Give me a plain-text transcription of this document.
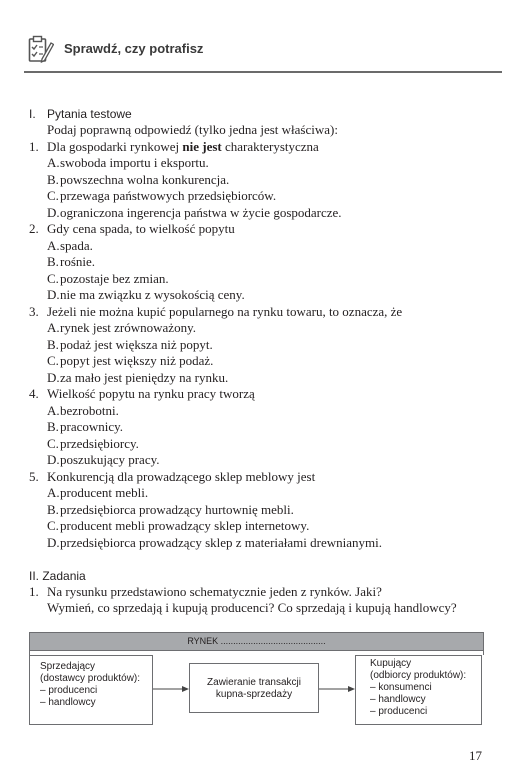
Sprawdź, czy potrafisz
I. Pytania testowe
Podaj poprawną odpowiedź (tylko jedna jest właściwa):
1. Dla gospodarki rynkowej nie jest charakterystyczna
A. swoboda importu i eksportu.
B. powszechna wolna konkurencja.
C. przewaga państwowych przedsiębiorców.
D. ograniczona ingerencja państwa w życie gospodarcze.
2. Gdy cena spada, to wielkość popytu
A. spada.
B. rośnie.
C. pozostaje bez zmian.
D. nie ma związku z wysokością ceny.
3. Jeżeli nie można kupić popularnego na rynku towaru, to oznacza, że
A. rynek jest zrównoważony.
B. podaż jest większa niż popyt.
C. popyt jest większy niż podaż.
D. za mało jest pieniędzy na rynku.
4. Wielkość popytu na rynku pracy tworzą
A. bezrobotni.
B. pracownicy.
C. przedsiębiorcy.
D. poszukujący pracy.
5. Konkurencją dla prowadzącego sklep meblowy jest
A. producent mebli.
B. przedsiębiorca prowadzący hurtownię mebli.
C. producent mebli prowadzący sklep internetowy.
D. przedsiębiorca prowadzący sklep z materiałami drewnianymi.
II. Zadania
1. Na rysunku przedstawiono schematycznie jeden z rynków. Jaki?
Wymień, co sprzedają i kupują producenci? Co sprzedają i kupują handlowcy?
RYNEK ..........................................
Sprzedający
(dostawcy produktów):
– producenci
– handlowcy
Zawieranie transakcji
kupna-sprzedaży
Kupujący
(odbiorcy produktów):
– konsumenci
– handlowcy
– producenci
17
